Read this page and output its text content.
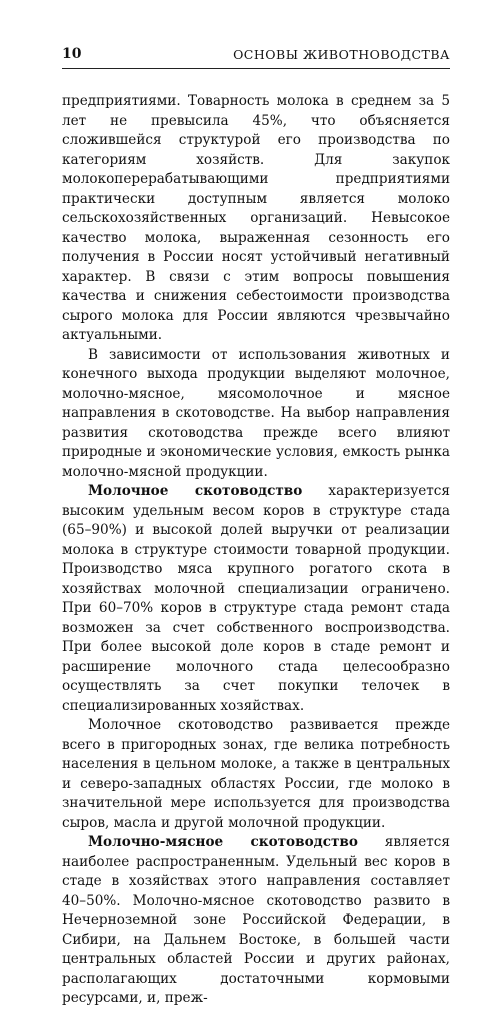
10	ОСНОВЫ ЖИВОТНОВОДСТВА

предприятиями. Товарность молока в среднем за 5 лет не превысила 45%, что объясняется сложившейся структурой его производства по категориям хозяйств. Для закупок молокоперерабатывающими предприятиями практически доступным является молоко сельскохозяйственных организаций. Невысокое качество молока, выраженная сезонность его получения в России носят устойчивый негативный характер. В связи с этим вопросы повышения качества и снижения себестоимости производства сырого молока для России являются чрезвычайно актуальными.

В зависимости от использования животных и конечного выхода продукции выделяют молочное, молочно-мясное, мясомолочное и мясное направления в скотоводстве. На выбор направления развития скотоводства прежде всего влияют природные и экономические условия, емкость рынка молочно-мясной продукции.

Молочное скотоводство характеризуется высоким удельным весом коров в структуре стада (65–90%) и высокой долей выручки от реализации молока в структуре стоимости товарной продукции. Производство мяса крупного рогатого скота в хозяйствах молочной специализации ограничено. При 60–70% коров в структуре стада ремонт стада возможен за счет собственного воспроизводства. При более высокой доле коров в стаде ремонт и расширение молочного стада целесообразно осуществлять за счет покупки телочек в специализированных хозяйствах.

Молочное скотоводство развивается прежде всего в пригородных зонах, где велика потребность населения в цельном молоке, а также в центральных и северо-западных областях России, где молоко в значительной мере используется для производства сыров, масла и другой молочной продукции.

Молочно-мясное скотоводство является наиболее распространенным. Удельный вес коров в стаде в хозяйствах этого направления составляет 40–50%. Молочно-мясное скотоводство развито в Нечерноземной зоне Российской Федерации, в Сибири, на Дальнем Востоке, в большей части центральных областей России и других районах, располагающих достаточными кормовыми ресурсами, и, преж-
